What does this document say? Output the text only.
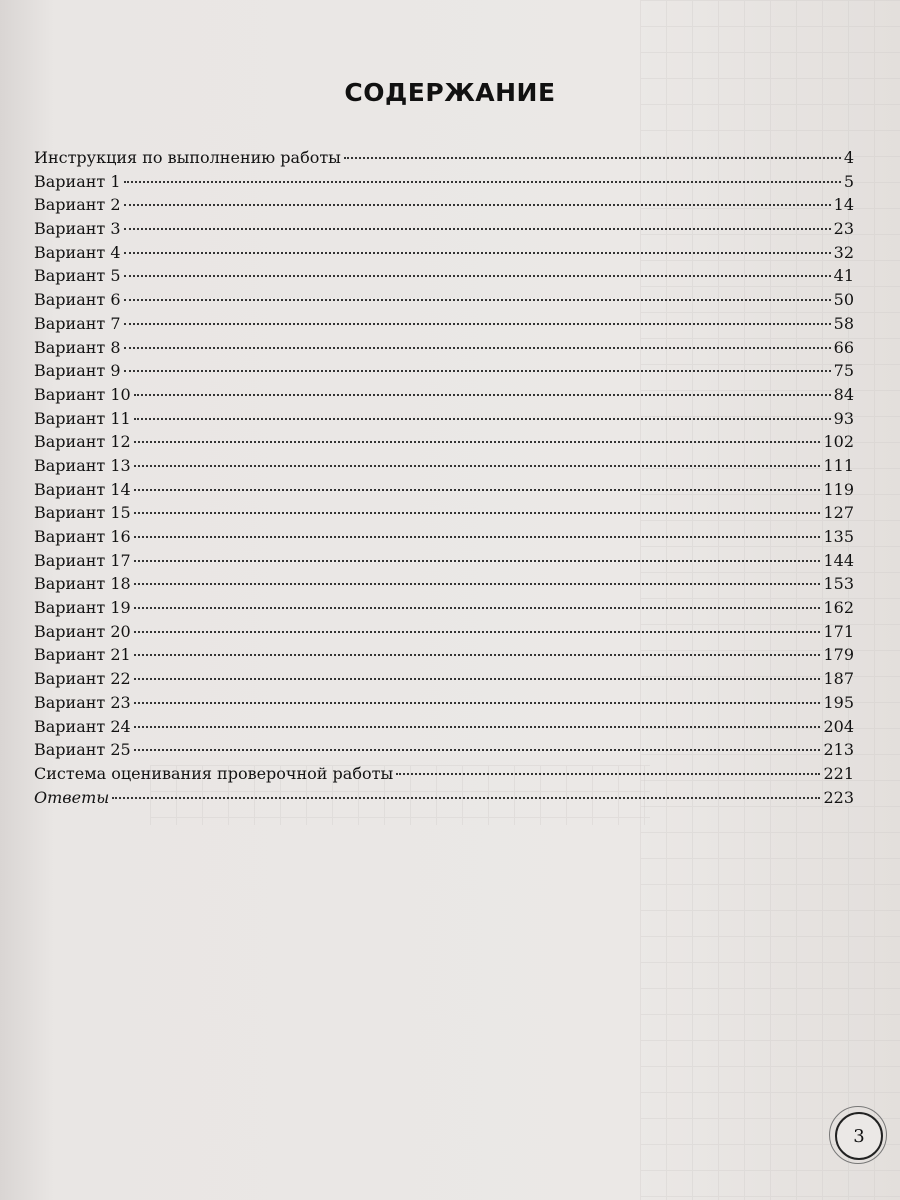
СОДЕРЖАНИЕ
Инструкция по выполнению работы	4
Вариант 1	5
Вариант 2	14
Вариант 3	23
Вариант 4	32
Вариант 5	41
Вариант 6	50
Вариант 7	58
Вариант 8	66
Вариант 9	75
Вариант 10	84
Вариант 11	93
Вариант 12	102
Вариант 13	111
Вариант 14	119
Вариант 15	127
Вариант 16	135
Вариант 17	144
Вариант 18	153
Вариант 19	162
Вариант 20	171
Вариант 21	179
Вариант 22	187
Вариант 23	195
Вариант 24	204
Вариант 25	213
Система оценивания проверочной работы	221
Ответы	223
3
